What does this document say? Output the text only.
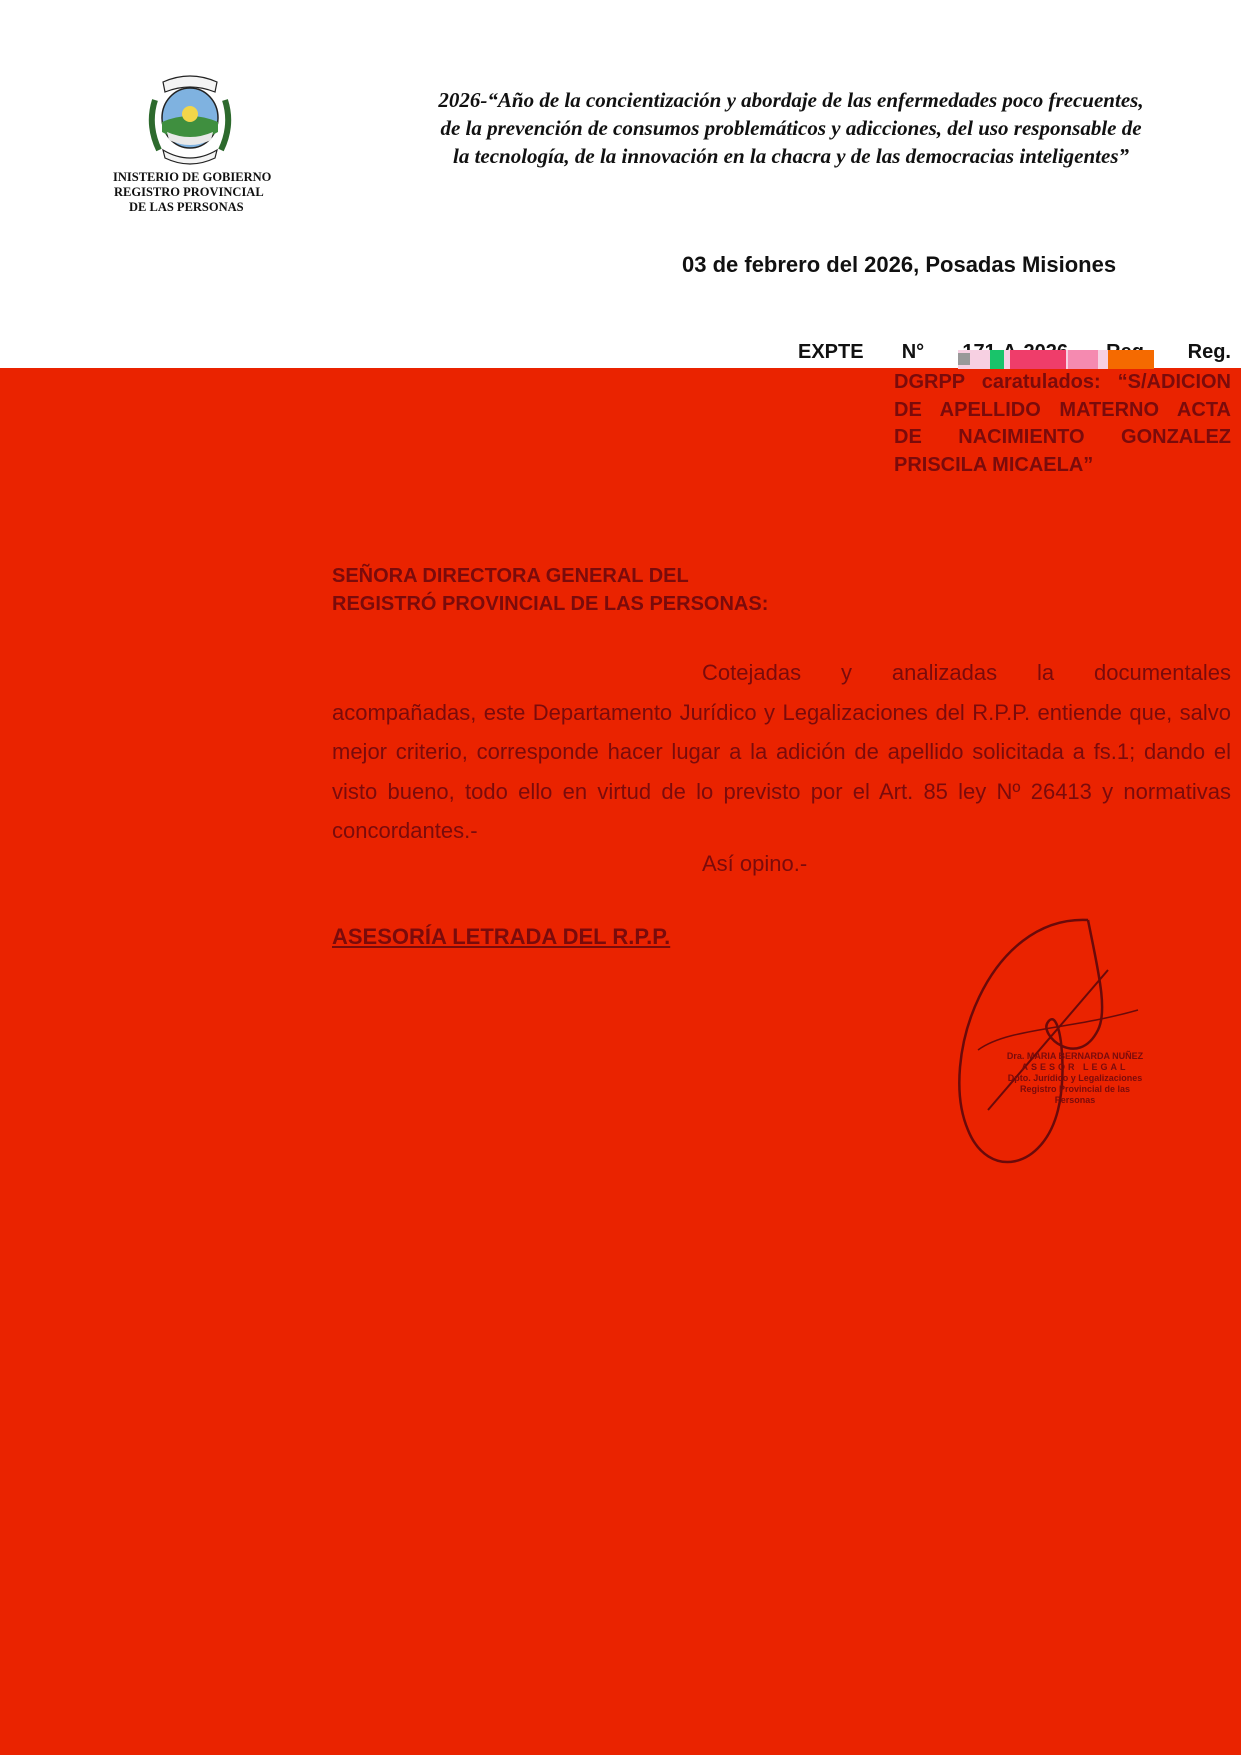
INISTERIO DE GOBIERNO
REGISTRO PROVINCIAL
DE LAS PERSONAS
2026-“Año de la concientización y abordaje de las enfermedades poco frecuentes,
de la prevención de consumos problemáticos y adicciones, del uso responsable de
la tecnología, de la innovación en la chacra y de las democracias inteligentes”
03 de febrero del 2026, Posadas Misiones
EXPTE N°	Reg.
DGRPP caratulados: “S/ADICION
DE APELLIDO MATERNO ACTA
DE NACIMIENTO GONZALEZ
PRISCILA MICAELA”
SEÑORA DIRECTORA GENERAL DEL
REGISTRÓ PROVINCIAL DE LAS PERSONAS:
Cotejadas y analizadas la documentales acompañadas, este Departamento Jurídico y Legalizaciones del R.P.P. entiende que, salvo mejor criterio, corresponde hacer lugar a la adición de apellido solicitada a fs.1; dando el visto bueno, todo ello en virtud de lo previsto por el Art. 85 ley Nº 26413 y normativas concordantes.-
Así opino.-
ASESORÍA LETRADA DEL R.P.P.
Dra. MARIA BERNARDA NUÑEZ
ASESOR LEGAL
Dpto. Jurídico y Legalizaciones
Registro Provincial de las Personas
